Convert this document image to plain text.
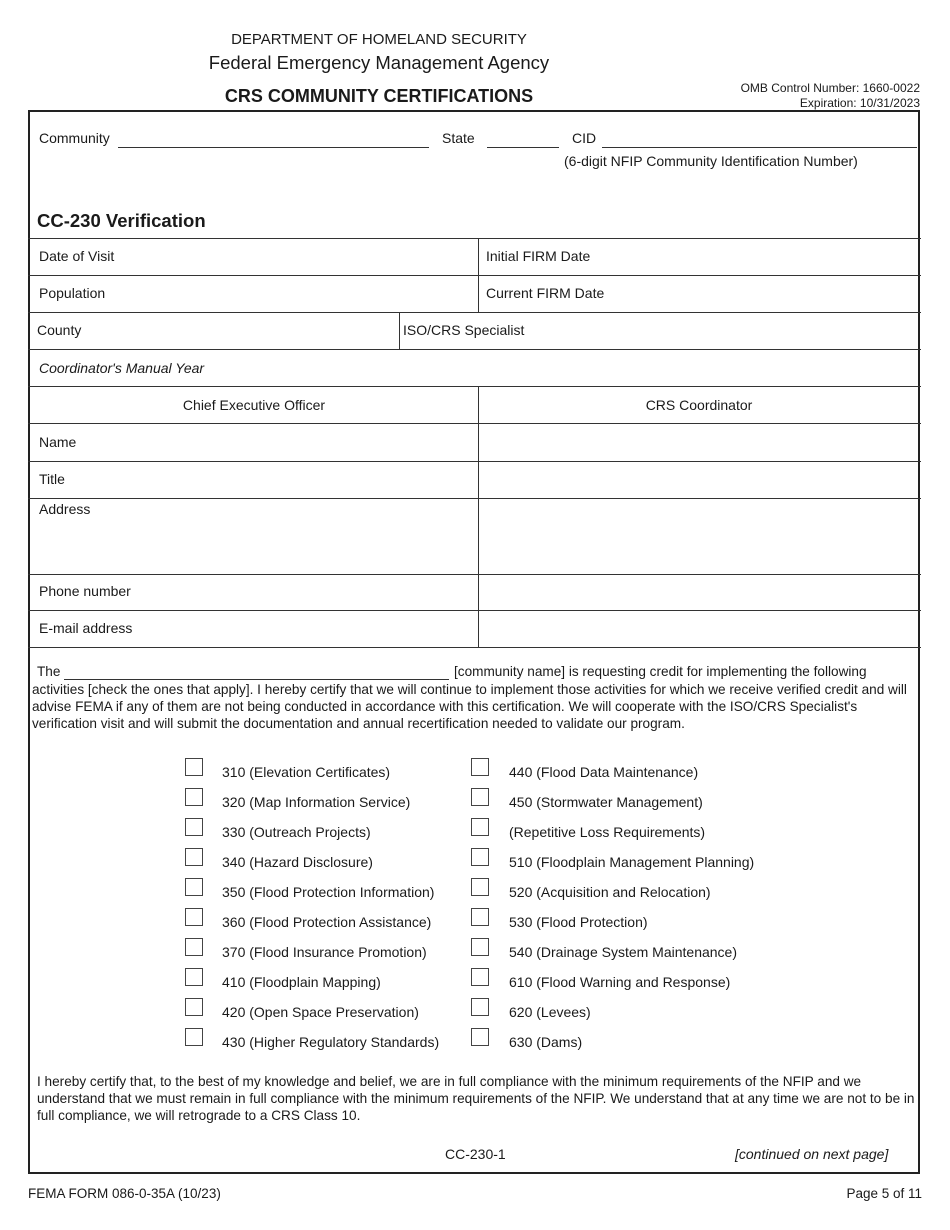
DEPARTMENT OF HOMELAND SECURITY
Federal Emergency Management Agency
CRS COMMUNITY CERTIFICATIONS	OMB Control Number: 1660-0022
Expiration: 10/31/2023
Community	State	CID
(6-digit NFIP Community Identification Number)
CC-230 Verification
Date of Visit	Initial FIRM Date
Population	Current FIRM Date
County	ISO/CRS Specialist
Coordinator's Manual Year
Chief Executive Officer	CRS Coordinator
Name
Title
Address
Phone number
E-mail address
The	[community name] is requesting credit for implementing the following
activities [check the ones that apply]. I hereby certify that we will continue to implement those activities for which we receive verified credit and will advise FEMA if any of them are not being conducted in accordance with this certification. We will cooperate with the ISO/CRS Specialist's verification visit and will submit the documentation and annual recertification needed to validate our program.
310 (Elevation Certificates)
320 (Map Information Service)
330 (Outreach Projects)
340 (Hazard Disclosure)
350 (Flood Protection Information)
360 (Flood Protection Assistance)
370 (Flood Insurance Promotion)
410 (Floodplain Mapping)
420 (Open Space Preservation)
430 (Higher Regulatory Standards)
440 (Flood Data Maintenance)
450 (Stormwater Management)
(Repetitive Loss Requirements)
510 (Floodplain Management Planning)
520 (Acquisition and Relocation)
530 (Flood Protection)
540 (Drainage System Maintenance)
610 (Flood Warning and Response)
620 (Levees)
630 (Dams)
I hereby certify that, to the best of my knowledge and belief, we are in full compliance with the minimum requirements of the NFIP and we understand that we must remain in full compliance with the minimum requirements of the NFIP. We understand that at any time we are not to be in full compliance, we will retrograde to a CRS Class 10.
CC-230-1	[continued on next page]
FEMA FORM 086-0-35A (10/23)	Page 5 of 11
